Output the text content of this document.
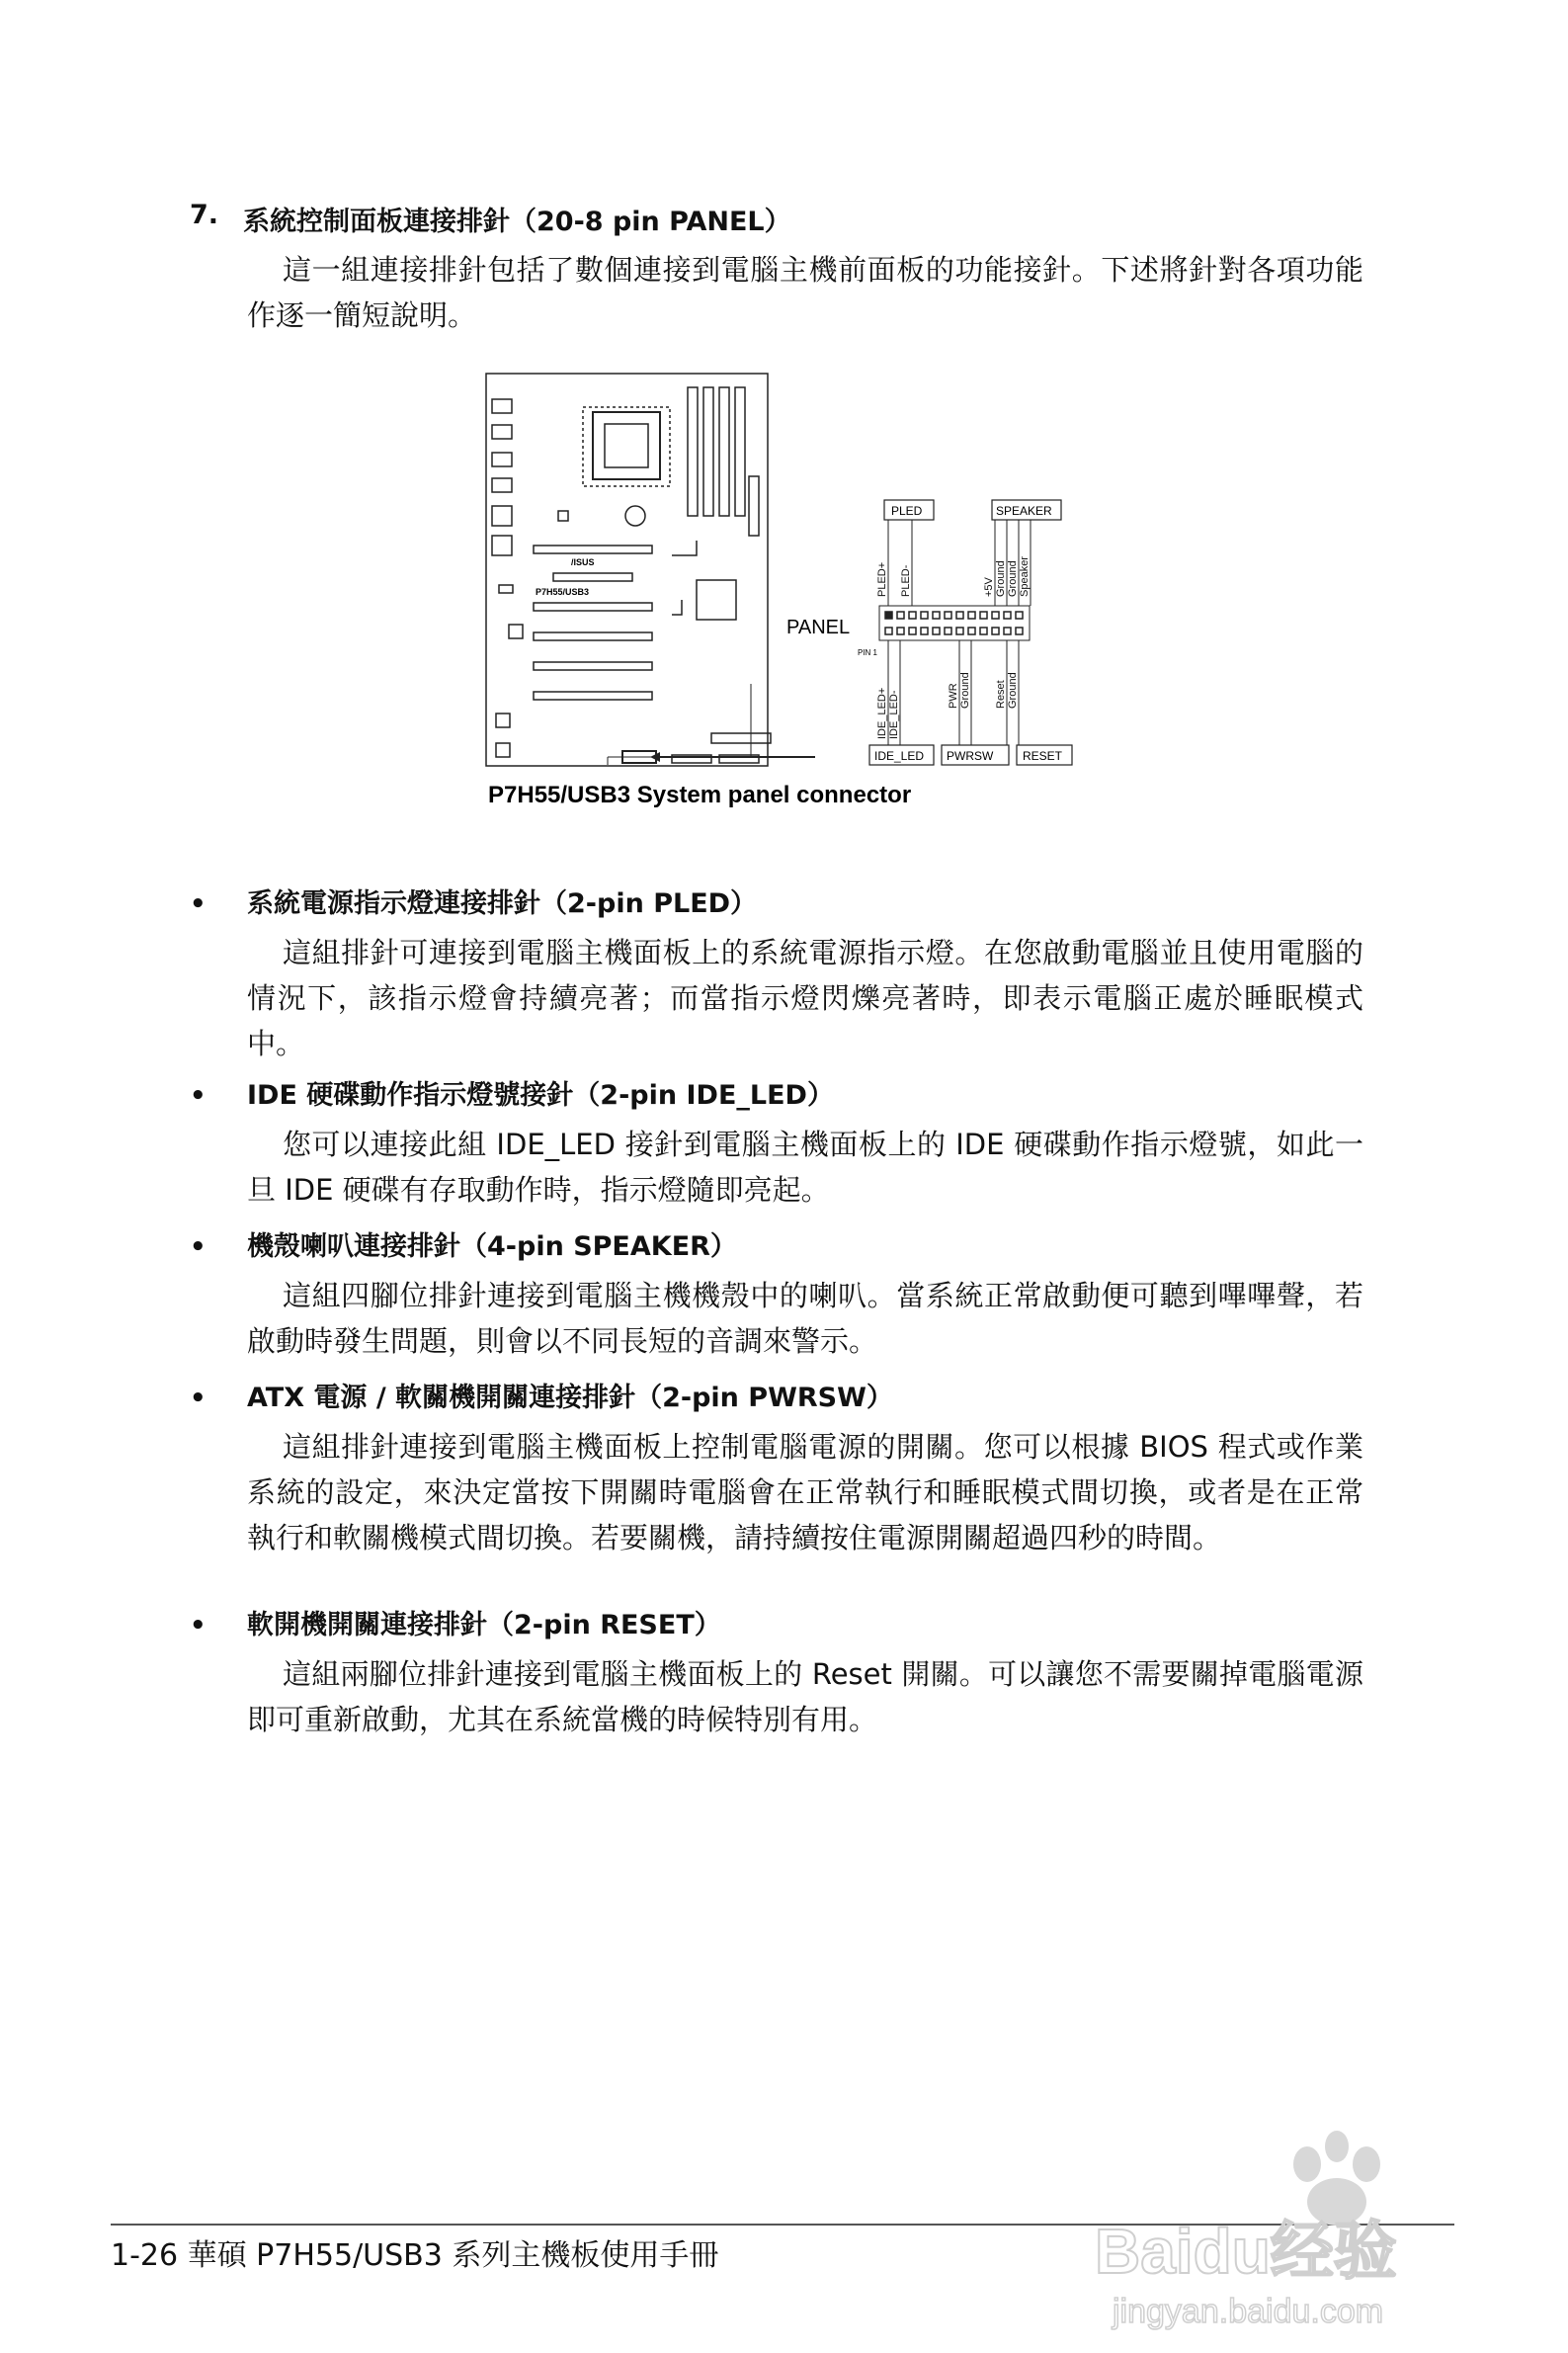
7. 系統控制面板連接排針（20-8 pin PANEL）
這一組連接排針包括了數個連接到電腦主機前面板的功能接針。下述將針對各項功能作逐一簡短說明。
/ISUS
P7H55/USB3
PLED	SPEAKER
IDE_LED PWRSW RESET
PANEL
PIN 1
PLED+ PLED-	+5V Ground Ground Speaker
IDE_LED+ IDE_LED-	PWR Ground Reset Ground
P7H55/USB3 System panel connector
•	系統電源指示燈連接排針（2-pin PLED）
這組排針可連接到電腦主機面板上的系統電源指示燈。在您啟動電腦並且使用電腦的情況下，該指示燈會持續亮著；而當指示燈閃爍亮著時，即表示電腦正處於睡眠模式中。
•	IDE 硬碟動作指示燈號接針（2-pin IDE_LED）
您可以連接此組 IDE_LED 接針到電腦主機面板上的 IDE 硬碟動作指示燈號，如此一旦 IDE 硬碟有存取動作時，指示燈隨即亮起。
•	機殼喇叭連接排針（4-pin SPEAKER）
這組四腳位排針連接到電腦主機機殼中的喇叭。當系統正常啟動便可聽到嗶嗶聲，若啟動時發生問題，則會以不同長短的音調來警示。
•	ATX 電源 / 軟關機開關連接排針（2-pin PWRSW）
這組排針連接到電腦主機面板上控制電腦電源的開關。您可以根據 BIOS 程式或作業系統的設定，來決定當按下開關時電腦會在正常執行和睡眠模式間切換，或者是在正常執行和軟關機模式間切換。若要關機，請持續按住電源開關超過四秒的時間。
•	軟開機開關連接排針（2-pin RESET）
這組兩腳位排針連接到電腦主機面板上的 Reset 開關。可以讓您不需要關掉電腦電源即可重新啟動，尤其在系統當機的時候特別有用。
1-26 華碩 P7H55/USB3 系列主機板使用手冊	Baidu经验
jingyan.baidu.com
